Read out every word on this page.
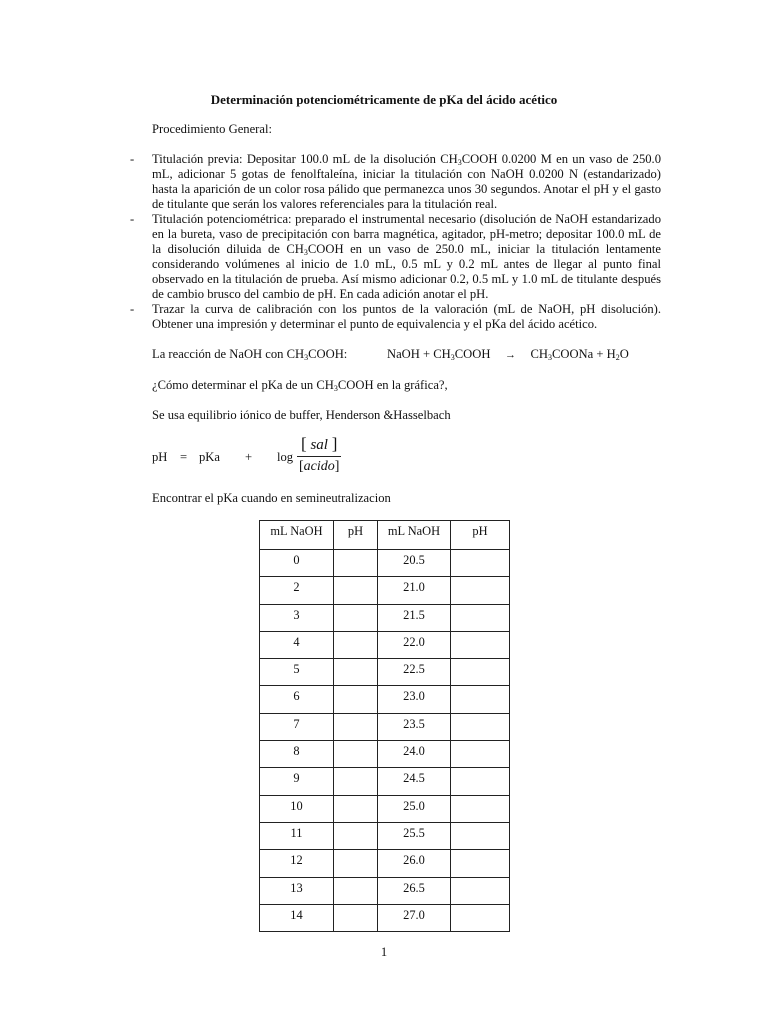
Determinación potenciométricamente de pKa del ácido acético
Procedimiento General:
- Titulación previa: Depositar 100.0 mL de la disolución $CH_3COOH$ 0.0200 M en un vaso de 250.0 mL, adicionar 5 gotas de fenolftaleína, iniciar la titulación con NaOH 0.0200 N (estandarizado) hasta la aparición de un color rosa pálido que permanezca unos 30 segundos. Anotar el pH y el gasto de titulante que serán los valores referenciales para la titulación real.
- Titulación potenciométrica: preparado el instrumental necesario (disolución de NaOH estandarizado en la bureta, vaso de precipitación con barra magnética, agitador, pH-metro; depositar 100.0 mL de la disolución diluida de $CH_3COOH$ en un vaso de 250.0 mL, iniciar la titulación lentamente considerando volúmenes al inicio de 1.0 mL, 0.5 mL y 0.2 mL antes de llegar al punto final observado en la titulación de prueba. Así mismo adicionar 0.2, 0.5 mL y 1.0 mL de titulante después de cambio brusco del cambio de pH. En cada adición anotar el pH.
- Trazar la curva de calibración con los puntos de la valoración (mL de NaOH, pH disolución). Obtener una impresión y determinar el punto de equivalencia y el pKa del ácido acético.
La reacción de NaOH con $CH_3COOH$:	NaOH + $CH_3COOH$ → $CH_3COONa + H_2O$
¿Cómo determinar el pKa de un $CH_3COOH$ en la gráfica?,
Se usa equilibrio iónico de buffer, Henderson &Hasselbach
pH = pKa + log
[ sal ]
[acido]
Encontrar el pKa cuando en semineutralizacion
mL NaOH	pH	mL NaOH	pH
0		20.5	
2		21.0	
3		21.5	
4		22.0	
5		22.5	
6		23.0	
7		23.5	
8		24.0	
9		24.5	
10		25.0	
11		25.5	
12		26.0	
13		26.5	
14		27.0	
1
